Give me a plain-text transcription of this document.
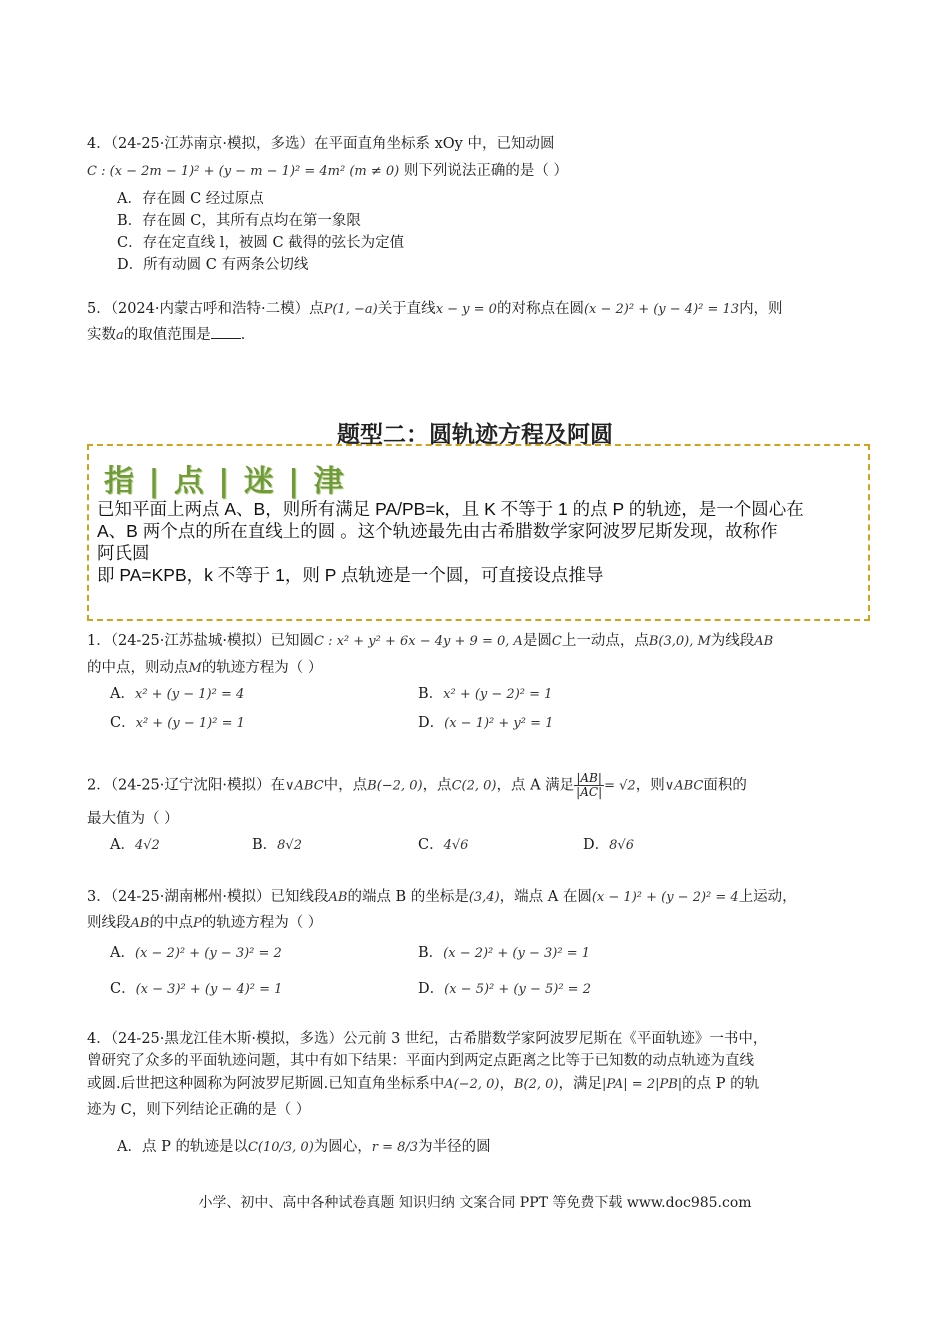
4．（24-25·江苏南京·模拟，多选）在平面直角坐标系 xOy 中，已知动圆
C : (x − 2m − 1)² + (y − m − 1)² = 4m² (m ≠ 0) 则下列说法正确的是（ ）
A．存在圆 C 经过原点
B．存在圆 C，其所有点均在第一象限
C．存在定直线 l，被圆 C 截得的弦长为定值
D．所有动圆 C 有两条公切线
5．（2024·内蒙古呼和浩特·二模）点P(1, −a)关于直线x − y = 0的对称点在圆(x − 2)² + (y − 4)² = 13内，则
实数a的取值范围是 ．
题型二：圆轨迹方程及阿圆
指 | 点 | 迷 | 津
已知平面上两点 A、B，则所有满足 PA/PB=k，且 K 不等于 1 的点 P 的轨迹，是一个圆心在
A、B 两个点的所在直线上的圆 。这个轨迹最先由古希腊数学家阿波罗尼斯发现，故称作
阿氏圆
即 PA=KPB，k 不等于 1，则 P 点轨迹是一个圆，可直接设点推导
1．（24-25·江苏盐城·模拟）已知圆C : x² + y² + 6x − 4y + 9 = 0, A是圆C上一动点，点B(3,0), M为线段AB
的中点，则动点M的轨迹方程为（ ）
A．x² + (y − 1)² = 4	B．x² + (y − 2)² = 1
C．x² + (y − 1)² = 1	D．(x − 1)² + y² = 1
2．（24-25·辽宁沈阳·模拟）在∨ABC中，点B(−2, 0)，点C(2, 0)，点 A 满足 $\frac{|AB|}{|AC|} = √2$，则∨ABC面积的
最大值为（ ）
A．4√2	B．8√2	C．4√6	D．8√6
3．（24-25·湖南郴州·模拟）已知线段AB的端点 B 的坐标是(3,4)，端点 A 在圆(x − 1)² + (y − 2)² = 4上运动，
则线段AB的中点P的轨迹方程为（ ）
A．(x − 2)² + (y − 3)² = 2	B．(x − 2)² + (y − 3)² = 1
C．(x − 3)² + (y − 4)² = 1	D．(x − 5)² + (y − 5)² = 2
4．（24-25·黑龙江佳木斯·模拟，多选）公元前 3 世纪，古希腊数学家阿波罗尼斯在《平面轨迹》一书中，
曾研究了众多的平面轨迹问题，其中有如下结果：平面内到两定点距离之比等于已知数的动点轨迹为直线
或圆.后世把这种圆称为阿波罗尼斯圆.已知直角坐标系中A(−2, 0)，B(2, 0)，满足|PA| = 2|PB|的点 P 的轨
迹为 C，则下列结论正确的是（ ）
A．点 P 的轨迹是以C(10/3, 0)为圆心，r = 8/3为半径的圆
小学、初中、高中各种试卷真题 知识归纳 文案合同 PPT 等免费下载 www.doc985.com
